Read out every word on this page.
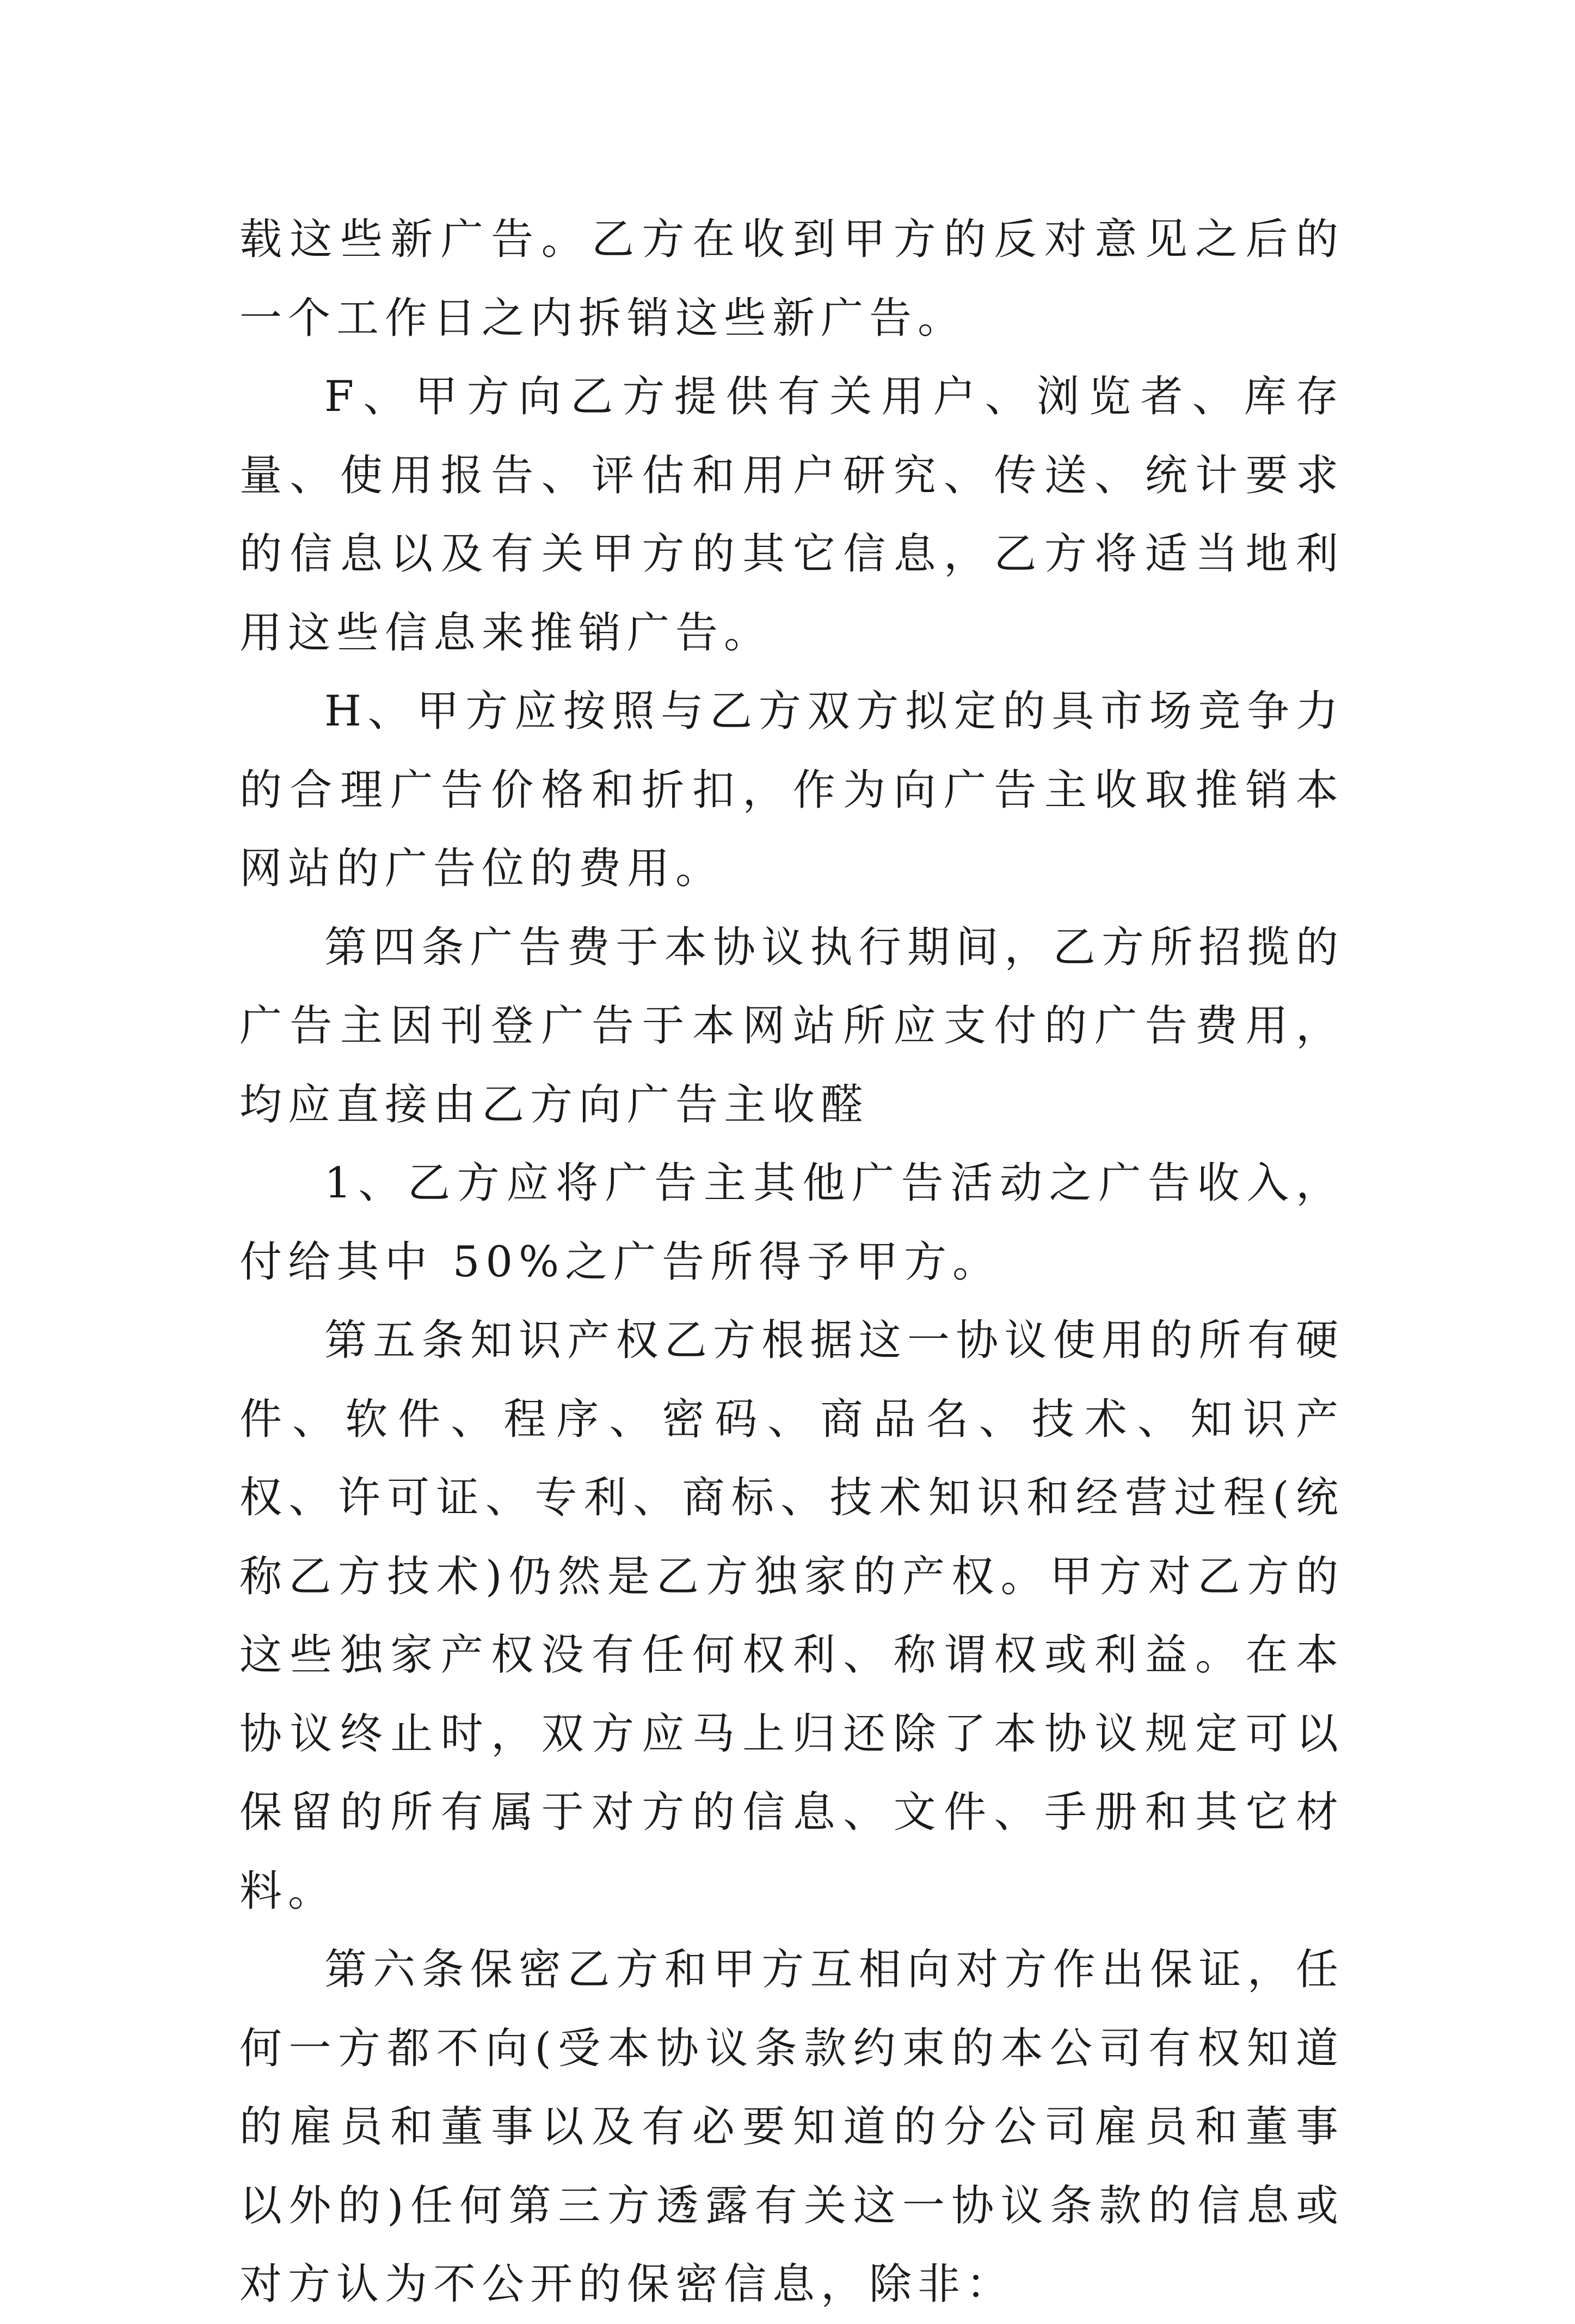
载这些新广告。乙方在收到甲方的反对意见之后的一个工作日之内拆销这些新广告。

F、甲方向乙方提供有关用户、浏览者、库存量、使用报告、评估和用户研究、传送、统计要求的信息以及有关甲方的其它信息，乙方将适当地利用这些信息来推销广告。

H、甲方应按照与乙方双方拟定的具市场竞争力的合理广告价格和折扣，作为向广告主收取推销本网站的广告位的费用。

第四条广告费于本协议执行期间，乙方所招揽的广告主因刊登广告于本网站所应支付的广告费用，均应直接由乙方向广告主收醛

1、乙方应将广告主其他广告活动之广告收入，付给其中 50%之广告所得予甲方。

第五条知识产权乙方根据这一协议使用的所有硬件、软件、程序、密码、商品名、技术、知识产权、许可证、专利、商标、技术知识和经营过程(统称乙方技术)仍然是乙方独家的产权。甲方对乙方的这些独家产权没有任何权利、称谓权或利益。在本协议终止时，双方应马上归还除了本协议规定可以保留的所有属于对方的信息、文件、手册和其它材料。

第六条保密乙方和甲方互相向对方作出保证，任何一方都不向(受本协议条款约束的本公司有权知道的雇员和董事以及有必要知道的分公司雇员和董事以外的)任何第三方透露有关这一协议条款的信息或对方认为不公开的保密信息，除非：
